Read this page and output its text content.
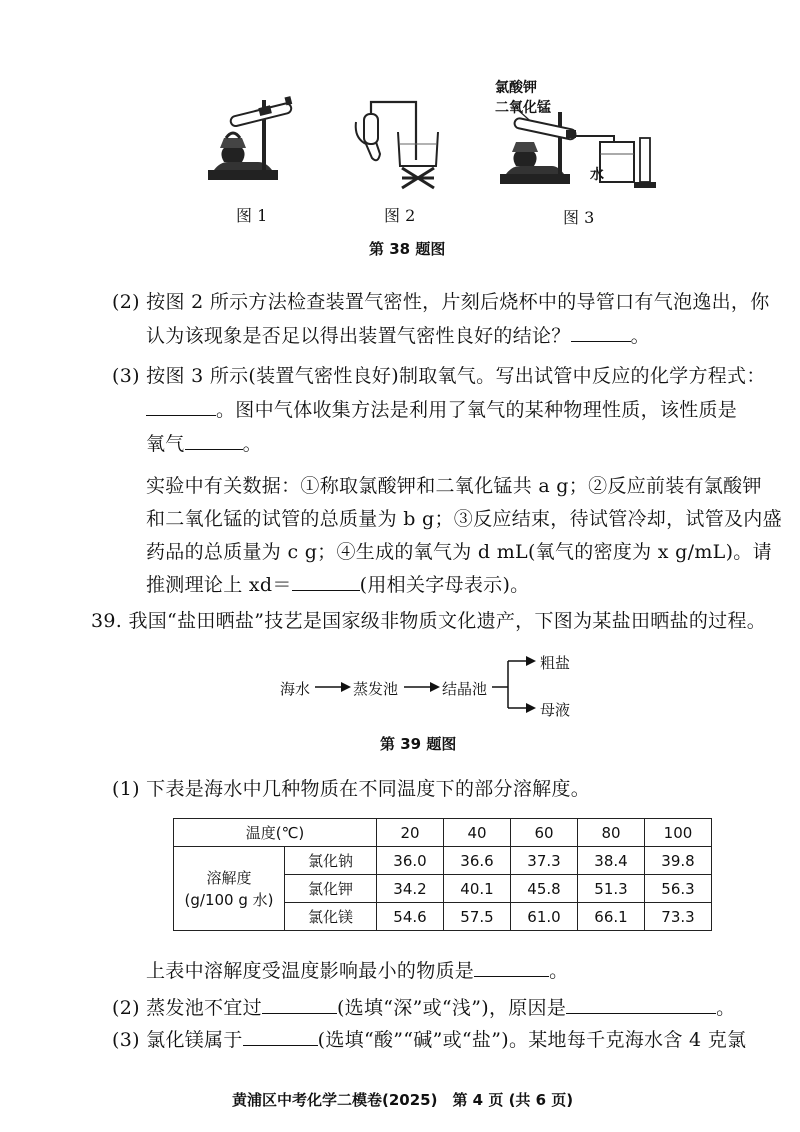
图 1	图 2
氯酸钾
二氧化锰
水
图 3
第 38 题图
(2) 按图 2 所示方法检查装置气密性，片刻后烧杯中的导管口有气泡逸出，你
认为该现象是否足以得出装置气密性良好的结论？	。
(3) 按图 3 所示(装置气密性良好)制取氧气。写出试管中反应的化学方程式：
。图中气体收集方法是利用了氧气的某种物理性质，该性质是
氧气	。
实验中有关数据：①称取氯酸钾和二氧化锰共 a g；②反应前装有氯酸钾
和二氧化锰的试管的总质量为 b g；③反应结束，待试管冷却，试管及内盛
药品的总质量为 c g；④生成的氧气为 d mL(氧气的密度为 x g/mL)。请
推测理论上 xd＝	(用相关字母表示)。
39. 我国“盐田晒盐”技艺是国家级非物质文化遗产，下图为某盐田晒盐的过程。
海水	蒸发池	结晶池
粗盐
母液
第 39 题图
(1) 下表是海水中几种物质在不同温度下的部分溶解度。
温度(℃)		20	40	60	80	100

溶解度
(g/100 g 水)	氯化钠	36.0	36.6	37.3	38.4	39.8
	氯化钾	34.2	40.1	45.8	51.3	56.3
	氯化镁	54.6	57.5	61.0	66.1	73.3
上表中溶解度受温度影响最小的物质是	。
(2) 蒸发池不宜过	(选填“深”或“浅”)，原因是	。
(3) 氯化镁属于	(选填“酸”“碱”或“盐”)。某地每千克海水含 4 克氯
黄浦区中考化学二模卷(2025)　第 4 页 (共 6 页)
